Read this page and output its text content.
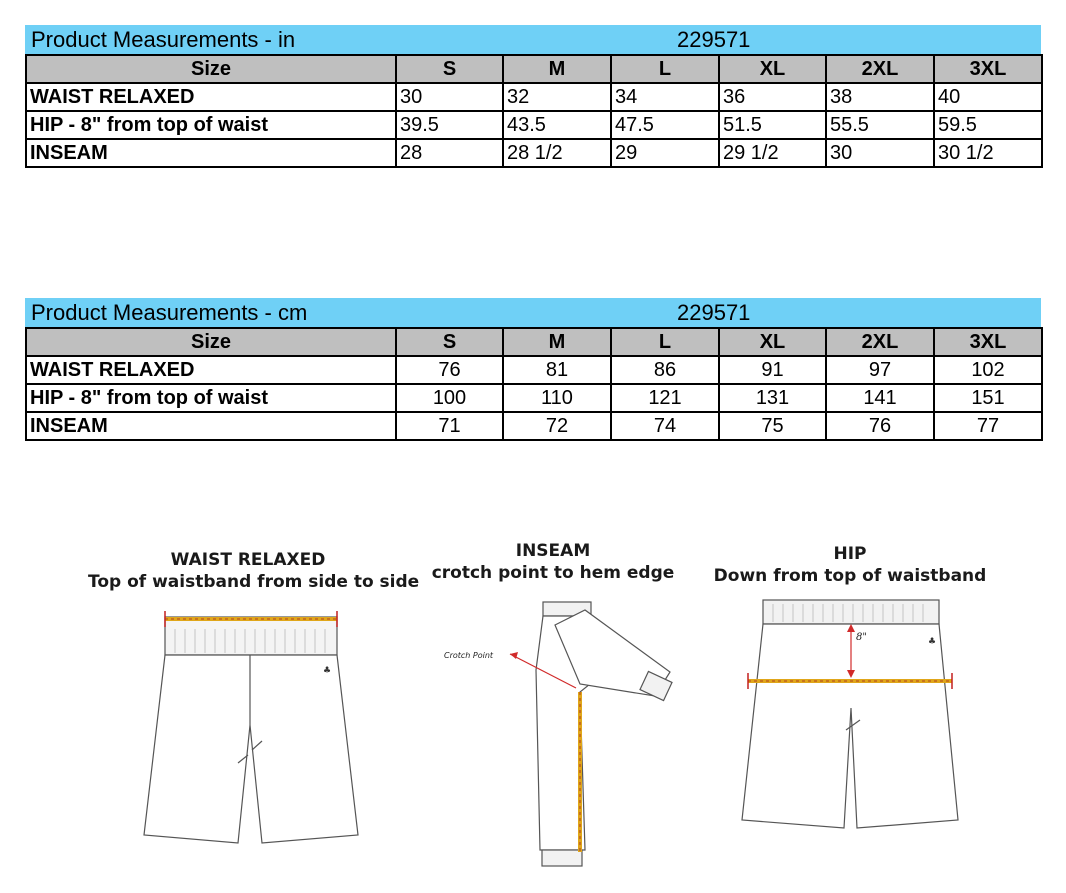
Product Measurements - in	229571
Size	S	M	L	XL	2XL	3XL
WAIST RELAXED	30	32	34	36	38	40
HIP - 8" from top of waist	39.5	43.5	47.5	51.5	55.5	59.5
INSEAM	28	28 1/2	29	29 1/2	30	30 1/2
Product Measurements - cm	229571
Size	S	M	L	XL	2XL	3XL
WAIST RELAXED	76	81	86	91	97	102
HIP - 8" from top of waist	100	110	121	131	141	151
INSEAM	71	72	74	75	76	77
WAIST RELAXED
Top of waistband from side to side
INSEAM
crotch point to hem edge
HIP
Down from top of waistband
♣
Crotch Point
♣
8"
